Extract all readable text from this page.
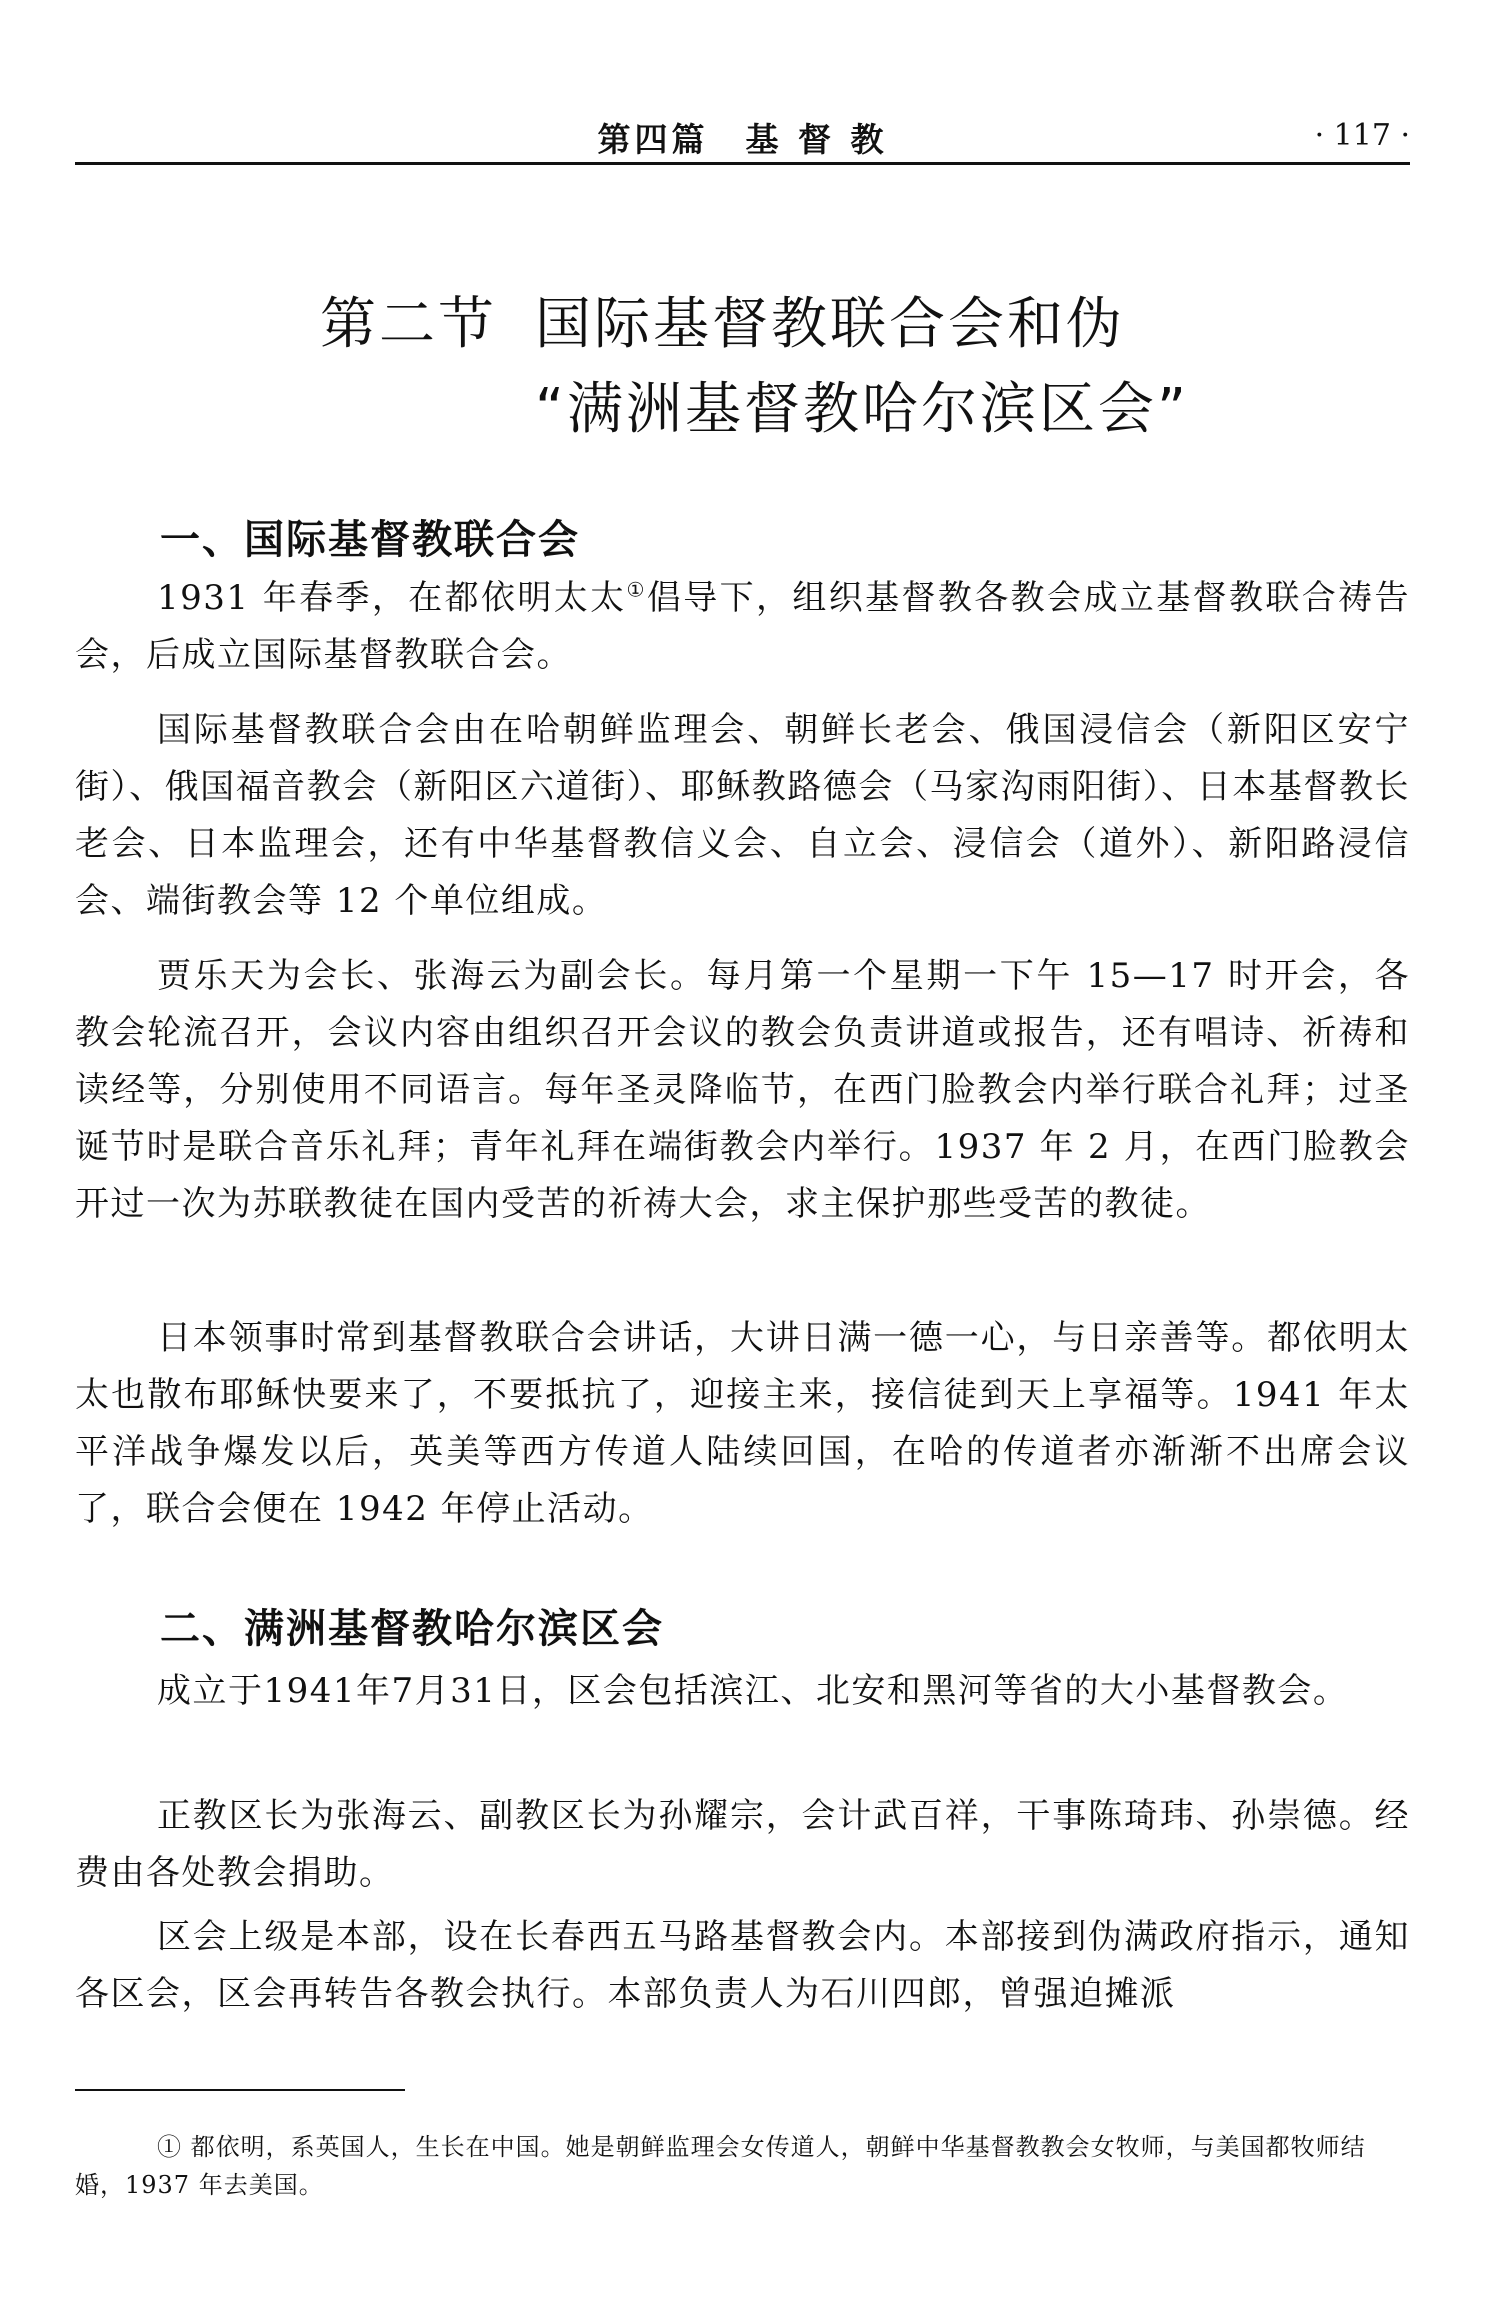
第四篇　基 督 教	· 117 ·
第二节 国际基督教联合会和伪
“满洲基督教哈尔滨区会”
一、国际基督教联合会

1931 年春季，在都依明太太①倡导下，组织基督教各教会成立基督教联合祷告会，后成立国际基督教联合会。

国际基督教联合会由在哈朝鲜监理会、朝鲜长老会、俄国浸信会（新阳区安宁街）、俄国福音教会（新阳区六道街）、耶稣教路德会（马家沟雨阳街）、日本基督教长老会、日本监理会，还有中华基督教信义会、自立会、浸信会（道外）、新阳路浸信会、端街教会等 12 个单位组成。

贾乐天为会长、张海云为副会长。每月第一个星期一下午 15—17 时开会，各教会轮流召开，会议内容由组织召开会议的教会负责讲道或报告，还有唱诗、祈祷和读经等，分别使用不同语言。每年圣灵降临节，在西门脸教会内举行联合礼拜；过圣诞节时是联合音乐礼拜；青年礼拜在端街教会内举行。1937 年 2 月，在西门脸教会开过一次为苏联教徒在国内受苦的祈祷大会，求主保护那些受苦的教徒。

日本领事时常到基督教联合会讲话，大讲日满一德一心，与日亲善等。都依明太太也散布耶稣快要来了，不要抵抗了，迎接主来，接信徒到天上享福等。1941 年太平洋战争爆发以后，英美等西方传道人陆续回国，在哈的传道者亦渐渐不出席会议了，联合会便在 1942 年停止活动。

二、满洲基督教哈尔滨区会

成立于1941年7月31日，区会包括滨江、北安和黑河等省的大小基督教会。

正教区长为张海云、副教区长为孙耀宗，会计武百祥，干事陈琦玮、孙崇德。经费由各处教会捐助。

区会上级是本部，设在长春西五马路基督教会内。本部接到伪满政府指示，通知各区会，区会再转告各教会执行。本部负责人为石川四郎，曾强迫摊派

① 都依明，系英国人，生长在中国。她是朝鲜监理会女传道人，朝鲜中华基督教教会女牧师，与美国都牧师结婚，1937 年去美国。
